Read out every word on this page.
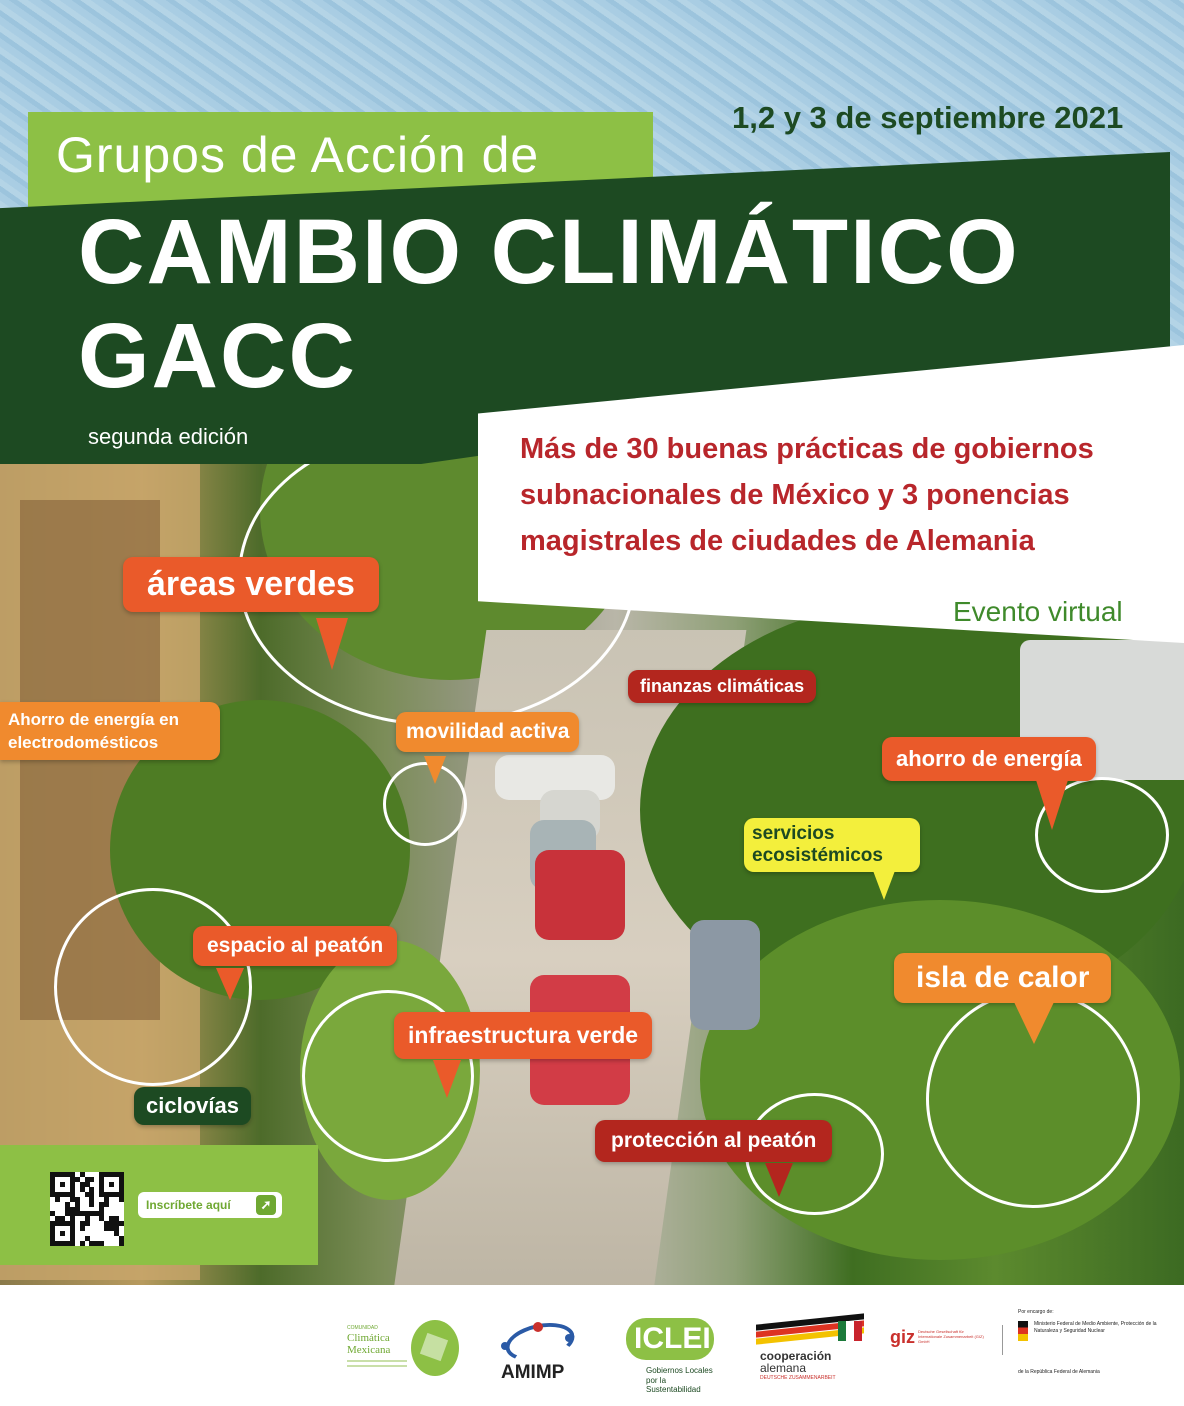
1,2 y 3 de septiembre 2021
Grupos de Acción de
CAMBIO CLIMÁTICO
GACC
segunda edición	Más de 30 buenas prácticas de gobiernos subnacionales de México y 3 ponencias magistrales de ciudades de Alemania
Evento virtual
áreas verdes
Ahorro de energía en electrodomésticos	movilidad activa
finanzas climáticas
ahorro de energía
servicios ecosistémicos
espacio al peatón
isla de calor
infraestructura verde
ciclovías
protección al peatón
Inscríbete aquí	➚
COMUNIDAD
Climática
Mexicana
AMIMP
ICLEI
Gobiernos Locales
por la Sustentabilidad
cooperación
alemana
DEUTSCHE ZUSAMMENARBEIT
giz Deutsche Gesellschaft für Internationale Zusammenarbeit (GIZ) GmbH
Por encargo de:
Ministerio Federal de Medio Ambiente, Protección de la Naturaleza y Seguridad Nuclear
de la República Federal de Alemania
